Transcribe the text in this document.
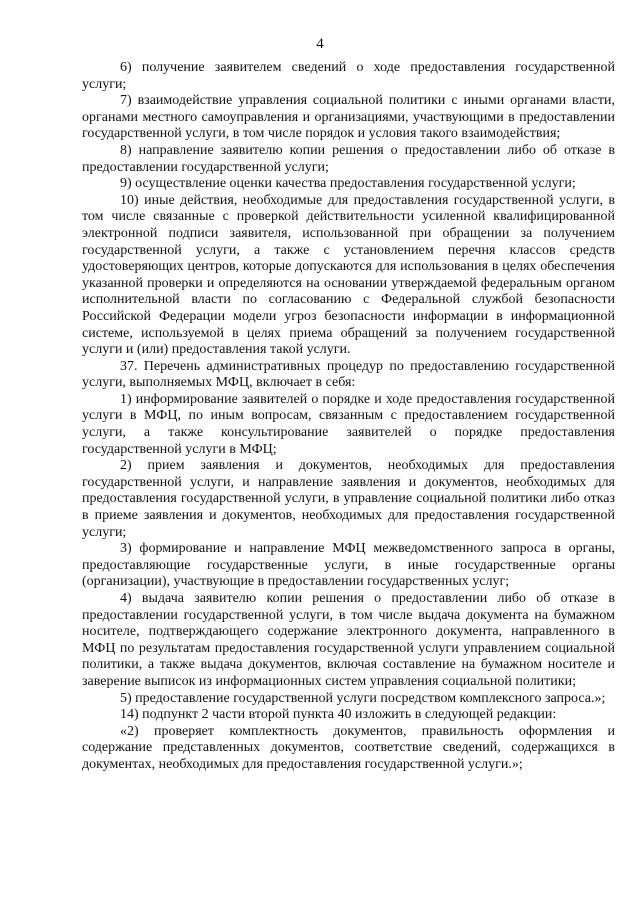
4

6) получение заявителем сведений о ходе предоставления государственной услуги;

7) взаимодействие управления социальной политики с иными органами власти, органами местного самоуправления и организациями, участвующими в предоставлении государственной услуги, в том числе порядок и условия такого взаимодействия;

8) направление заявителю копии решения о предоставлении либо об отказе в предоставлении государственной услуги;

9) осуществление оценки качества предоставления государственной услуги;

10) иные действия, необходимые для предоставления государственной услуги, в том числе связанные с проверкой действительности усиленной квалифицированной электронной подписи заявителя, использованной при обращении за получением государственной услуги, а также с установлением перечня классов средств удостоверяющих центров, которые допускаются для использования в целях обеспечения указанной проверки и определяются на основании утверждаемой федеральным органом исполнительной власти по согласованию с Федеральной службой безопасности Российской Федерации модели угроз безопасности информации в информационной системе, используемой в целях приема обращений за получением государственной услуги и (или) предоставления такой услуги.

37. Перечень административных процедур по предоставлению государственной услуги, выполняемых МФЦ, включает в себя:

1) информирование заявителей о порядке и ходе предоставления государственной услуги в МФЦ, по иным вопросам, связанным с предоставлением государственной услуги, а также консультирование заявителей о порядке предоставления государственной услуги в МФЦ;

2) прием заявления и документов, необходимых для предоставления государственной услуги, и направление заявления и документов, необходимых для предоставления государственной услуги, в управление социальной политики либо отказ в приеме заявления и документов, необходимых для предоставления государственной услуги;

3) формирование и направление МФЦ межведомственного запроса в органы, предоставляющие государственные услуги, в иные государственные органы (организации), участвующие в предоставлении государственных услуг;

4) выдача заявителю копии решения о предоставлении либо об отказе в предоставлении государственной услуги, в том числе выдача документа на бумажном носителе, подтверждающего содержание электронного документа, направленного в МФЦ по результатам предоставления государственной услуги управлением социальной политики, а также выдача документов, включая составление на бумажном носителе и заверение выписок из информационных систем управления социальной политики;

5) предоставление государственной услуги посредством комплексного запроса.»;

14) подпункт 2 части второй пункта 40 изложить в следующей редакции:

«2) проверяет комплектность документов, правильность оформления и содержание представленных документов, соответствие сведений, содержащихся в документах, необходимых для предоставления государственной услуги.»;
